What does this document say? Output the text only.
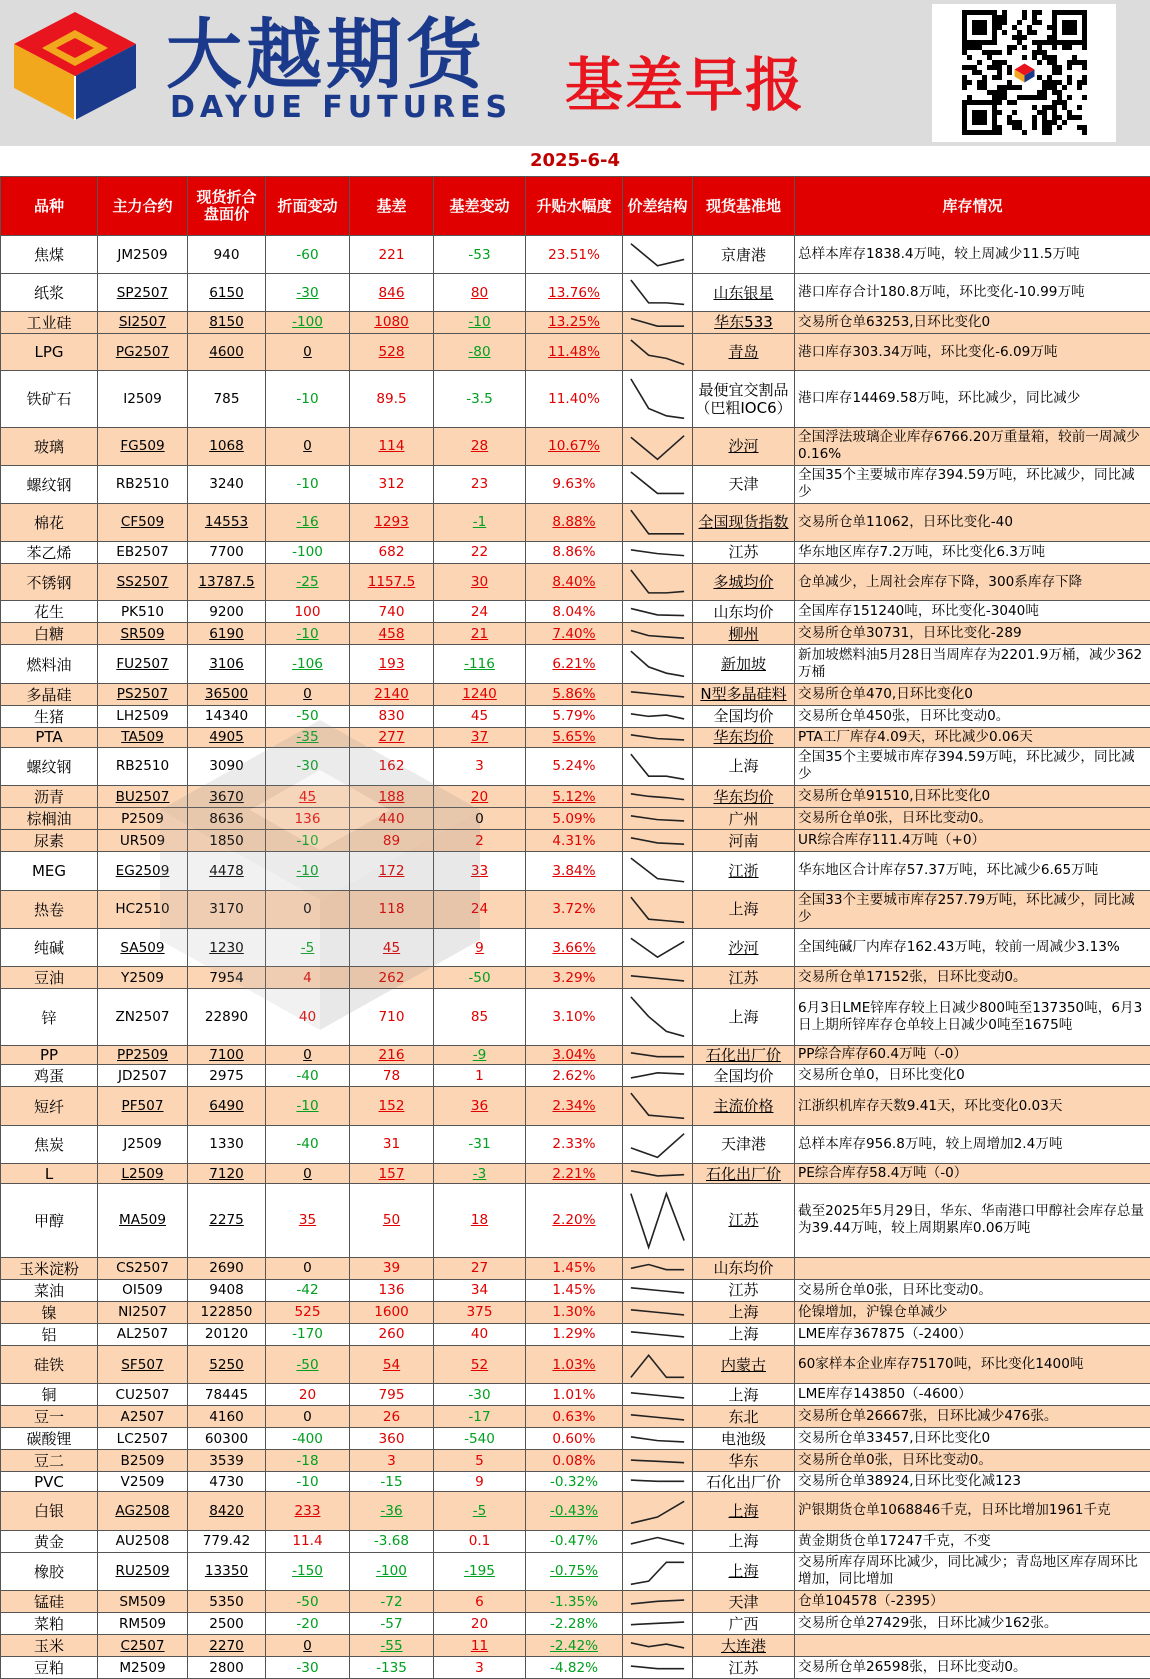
大越期货
DAYUE FUTURES 基差早报
2025-6-4
品种	主力合约	现货折合盘面价	折面变动	基差	基差变动	升贴水幅度	价差结构	现货基准地	库存情况
焦煤	JM2509	940	-60	221	-53	23.51%		京唐港	总样本库存1838.4万吨，较上周减少11.5万吨
纸浆	SP2507	6150	-30	846	80	13.76%		山东银星	港口库存合计180.8万吨，环比变化-10.99万吨
工业硅	SI2507	8150	-100	1080	-10	13.25%		华东533	交易所仓单63253,日环比变化0
LPG	PG2507	4600	0	528	-80	11.48%		青岛	港口库存303.34万吨，环比变化-6.09万吨
铁矿石	I2509	785	-10	89.5	-3.5	11.40%		最便宜交割品（巴粗IOC6）	港口库存14469.58万吨，环比减少，同比减少
玻璃	FG509	1068	0	114	28	10.67%		沙河	全国浮法玻璃企业库存6766.20万重量箱，较前一周减少0.16%
螺纹钢	RB2510	3240	-10	312	23	9.63%		天津	全国35个主要城市库存394.59万吨，环比减少，同比减少
棉花	CF509	14553	-16	1293	-1	8.88%		全国现货指数	交易所仓单11062，日环比变化-40
苯乙烯	EB2507	7700	-100	682	22	8.86%		江苏	华东地区库存7.2万吨，环比变化6.3万吨
不锈钢	SS2507	13787.5	-25	1157.5	30	8.40%		多城均价	仓单减少，上周社会库存下降，300系库存下降
花生	PK510	9200	100	740	24	8.04%		山东均价	全国库存151240吨，环比变化-3040吨
白糖	SR509	6190	-10	458	21	7.40%		柳州	交易所仓单30731，日环比变化-289
燃料油	FU2507	3106	-106	193	-116	6.21%		新加坡	新加坡燃料油5月28日当周库存为2201.9万桶，减少362万桶
多晶硅	PS2507	36500	0	2140	1240	5.86%		N型多晶硅料	交易所仓单470,日环比变化0
生猪	LH2509	14340	-50	830	45	5.79%		全国均价	交易所仓单450张，日环比变动0。
PTA	TA509	4905	-35	277	37	5.65%		华东均价	PTA工厂库存4.09天，环比减少0.06天
螺纹钢	RB2510	3090	-30	162	3	5.24%		上海	全国35个主要城市库存394.59万吨，环比减少，同比减少
沥青	BU2507	3670	45	188	20	5.12%		华东均价	交易所仓单91510,日环比变化0
棕榈油	P2509	8636	136	440	0	5.09%		广州	交易所仓单0张，日环比变动0。
尿素	UR509	1850	-10	89	2	4.31%		河南	UR综合库存111.4万吨（+0）
MEG	EG2509	4478	-10	172	33	3.84%		江浙	华东地区合计库存57.37万吨，环比减少6.65万吨
热卷	HC2510	3170	0	118	24	3.72%		上海	全国33个主要城市库存257.79万吨，环比减少，同比减少
纯碱	SA509	1230	-5	45	9	3.66%		沙河	全国纯碱厂内库存162.43万吨，较前一周减少3.13%
豆油	Y2509	7954	4	262	-50	3.29%		江苏	交易所仓单17152张，日环比变动0。
锌	ZN2507	22890	40	710	85	3.10%		上海	6月3日LME锌库存较上日减少800吨至137350吨，6月3日上期所锌库存仓单较上日减少0吨至1675吨
PP	PP2509	7100	0	216	-9	3.04%		石化出厂价	PP综合库存60.4万吨（-0）
鸡蛋	JD2507	2975	-40	78	1	2.62%		全国均价	交易所仓单0，日环比变化0
短纤	PF507	6490	-10	152	36	2.34%		主流价格	江浙织机库存天数9.41天，环比变化0.03天
焦炭	J2509	1330	-40	31	-31	2.33%		天津港	总样本库存956.8万吨，较上周增加2.4万吨
L	L2509	7120	0	157	-3	2.21%		石化出厂价	PE综合库存58.4万吨（-0）
甲醇	MA509	2275	35	50	18	2.20%		江苏	截至2025年5月29日，华东、华南港口甲醇社会库存总量为39.44万吨，较上周期累库0.06万吨
玉米淀粉	CS2507	2690	0	39	27	1.45%		山东均价	
菜油	OI509	9408	-42	136	34	1.45%		江苏	交易所仓单0张，日环比变动0。
镍	NI2507	122850	525	1600	375	1.30%		上海	伦镍增加，沪镍仓单减少
铝	AL2507	20120	-170	260	40	1.29%		上海	LME库存367875（-2400）
硅铁	SF507	5250	-50	54	52	1.03%		内蒙古	60家样本企业库存75170吨，环比变化1400吨
铜	CU2507	78445	20	795	-30	1.01%		上海	LME库存143850（-4600）
豆一	A2507	4160	0	26	-17	0.63%		东北	交易所仓单26667张，日环比减少476张。
碳酸锂	LC2507	60300	-400	360	-540	0.60%		电池级	交易所仓单33457,日环比变化0
豆二	B2509	3539	-18	3	5	0.08%		华东	交易所仓单0张，日环比变动0。
PVC	V2509	4730	-10	-15	9	-0.32%		石化出厂价	交易所仓单38924,日环比变化减123
白银	AG2508	8420	233	-36	-5	-0.43%		上海	沪银期货仓单1068846千克，日环比增加1961千克
黄金	AU2508	779.42	11.4	-3.68	0.1	-0.47%		上海	黄金期货仓单17247千克，不变
橡胶	RU2509	13350	-150	-100	-195	-0.75%		上海	交易所库存周环比减少，同比减少；青岛地区库存周环比增加，同比增加
锰硅	SM509	5350	-50	-72	6	-1.35%		天津	仓单104578（-2395）
菜粕	RM509	2500	-20	-57	20	-2.28%		广西	交易所仓单27429张，日环比减少162张。
玉米	C2507	2270	0	-55	11	-2.42%		大连港	
豆粕	M2509	2800	-30	-135	3	-4.82%		江苏	交易所仓单26598张，日环比变动0。
